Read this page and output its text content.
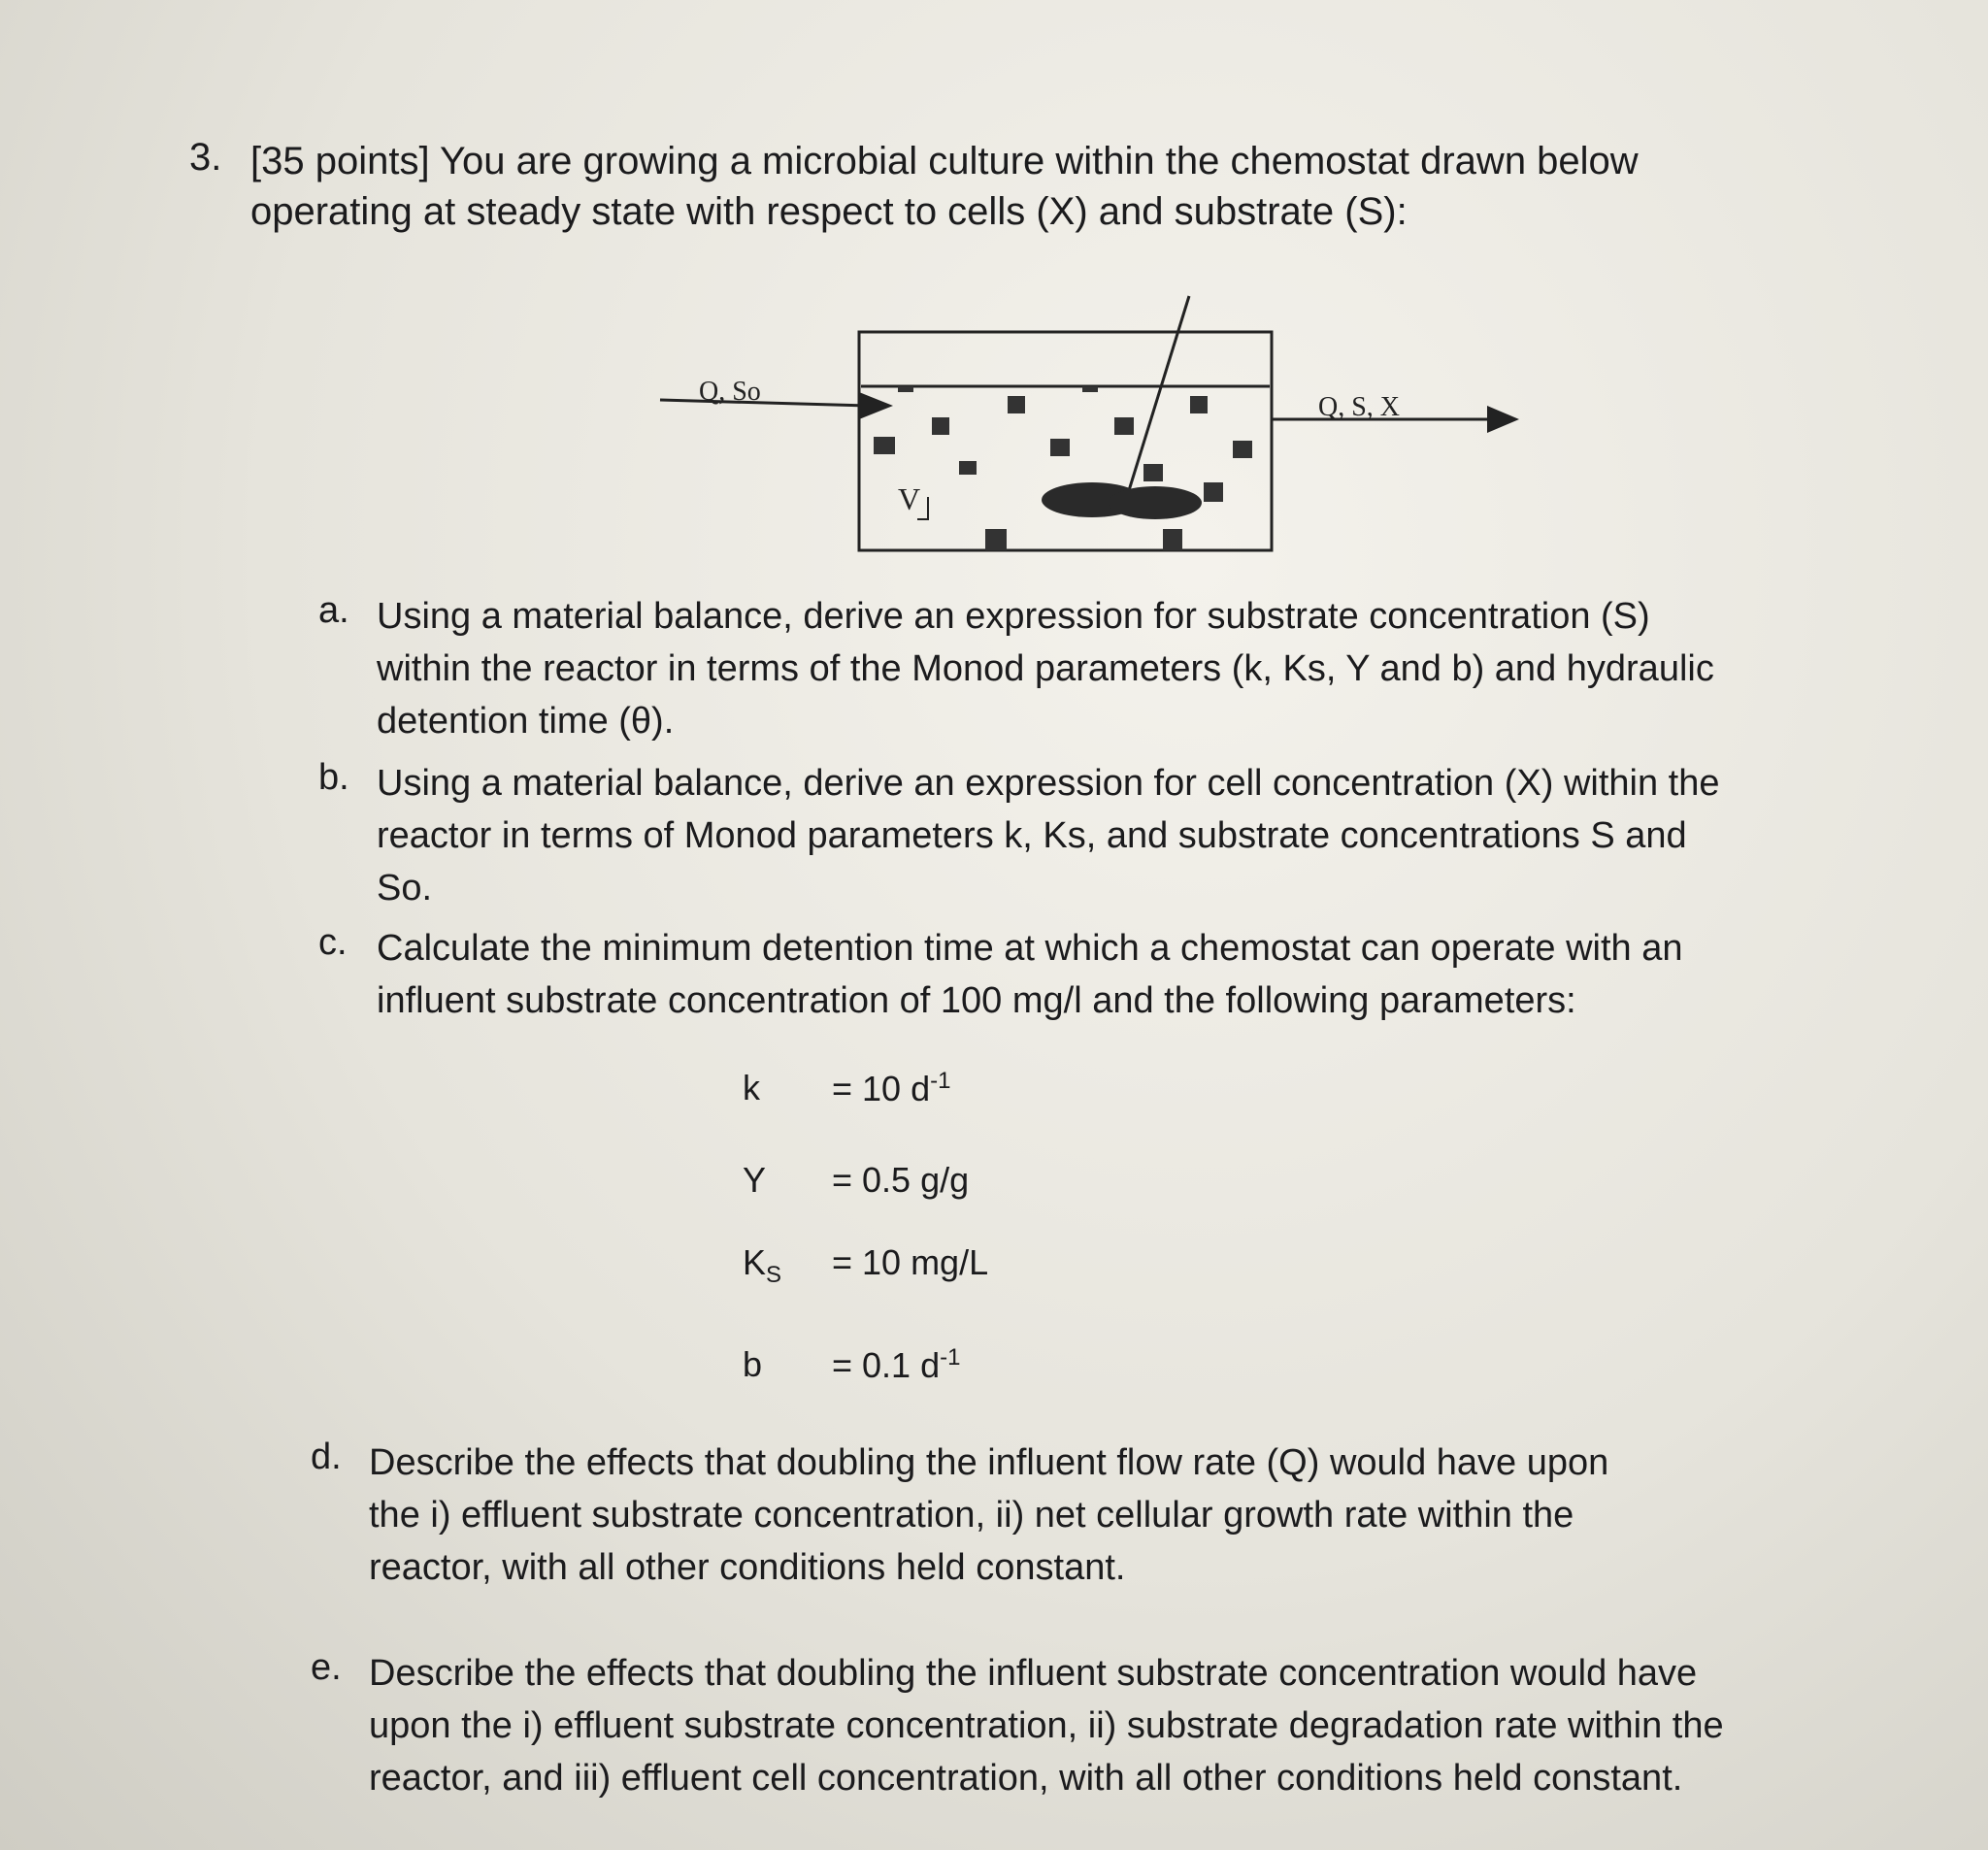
3. [35 points] You are growing a microbial culture within the chemostat drawn below operating at steady state with respect to cells (X) and substrate (S):
Q, So
V
Q, S, X
a. Using a material balance, derive an expression for substrate concentration (S) within the reactor in terms of the Monod parameters (k, Ks, Y and b) and hydraulic detention time (θ).
b. Using a material balance, derive an expression for cell concentration (X) within the reactor in terms of Monod parameters k, Ks, and substrate concentrations S and So.
c. Calculate the minimum detention time at which a chemostat can operate with an influent substrate concentration of 100 mg/l and the following parameters:
k = 10 $d^{-1}$
Y = 0.5 g/g
$K_S = 10$ mg/L
b = 0.1 $d^{-1}$
d. Describe the effects that doubling the influent flow rate (Q) would have upon the i) effluent substrate concentration, ii) net cellular growth rate within the reactor, with all other conditions held constant.
e. Describe the effects that doubling the influent substrate concentration would have upon the i) effluent substrate concentration, ii) substrate degradation rate within the reactor, and iii) effluent cell concentration, with all other conditions held constant.
